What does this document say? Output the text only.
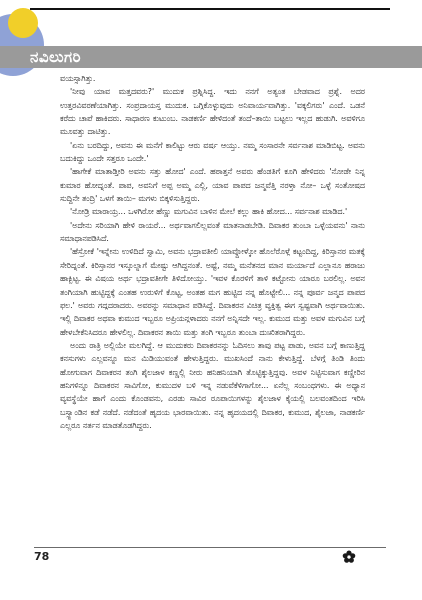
ನವಿಲುಗರಿ

ವಯಸ್ಸಾಗಿತ್ತು.

'ನೀವು ಯಾವ ಮತ್ತದವರು?' ಮುದುಕ ಪ್ರಶ್ನಿಸಿದ್ದ. ಇದು ನನಗೆ ಅತ್ಯಂತ ಬೇಡವಾದ ಪ್ರಶ್ನೆ. ಅದರ ಉತ್ತರವಿವರಣೆಯಾಗಿತ್ತು. ಸಂಪ್ರದಾಯಸ್ತ ಮುದುಕ. ಒಗ್ಗಿಕೊಳ್ಳುವುದು ಅನಿವಾರ್ಯವಾಗಿತ್ತು. 'ವಕ್ಕಲಿಗರು' ಎಂದೆ. ಒಡನೆ ಕರೆದು ಚಾಪೆ ಹಾಕಿದರು. ಸಾಧಾರಣ ಕುಟುಂಬ. ನಾಡಕರ್ಣಿ ಹೇಳಿದಂತೆ ತಂದೆ–ತಾಯಿ ಬಟ್ಟಲು ಇಲ್ಲದ ಹುಡುಗಿ. ಅವಳಿಗೂ ಮೂವತ್ತು ದಾಟಿತ್ತು.

'ಏನು ಬರದಿದ್ದು, ಅವನು ಈ ಮನೆಗೆ ಕಾಲಿಟ್ಟು ಆರು ವರ್ಷ ಆಯ್ತು. ನಮ್ಮ ಸಂಸಾರನೇ ಸರ್ವನಾಶ ಮಾಡಿಬಿಟ್ಟ. ಅವನು ಬದುಕಿದ್ದು ಒಂದೇ ಸತ್ತರೂ ಒಂದೇ.'

'ಹಾಗೇಕೆ ಮಾತಾಡ್ತೀರಿ ಅವನು ಸತ್ತು ಹೋದ' ಎಂದೆ. ಹಠಾತ್ತನೆ ಅವರು ಹೆಂಡತಿಗೆ ಕೂಗಿ ಹೇಳಿದರು 'ನೋಡೇ ನಿನ್ನ ಕುಮಾರ ಹೋದ್ನಂತೆ. ಪಾಪ, ಅವನಿಗೆ ಅಪ್ಪ ಅಮ್ಮ ಎಲ್ಲಿ, ಯಾವ ಪಾಪದ ಜನ್ಮವೆತ್ತಿ ನರಳ್ತಾ ನೋ– ಒಳ್ಳೆ ಸಂತೋಷದ ಸುದ್ದಿನೇ ತಂದ್ರಿ' ಒಳಗೆ ತಾಯಿ– ಮಗಳು ಬಿಕ್ಕಳಿಸುತ್ತಿದ್ದರು.

'ನೋಡ್ರಿ ಮಾರಾಯ್ರ... ಒಳಗಿರೋ ಹೆಣ್ಣು ಮಗುವಿನ ಬಾಳಿನ ಮೇಲೆ ಕಲ್ಲು ಹಾಕಿ ಹೋದ... ಸರ್ವನಾಶ ಮಾಡಿದ.'

'ಅದೇನು ಸರಿಯಾಗಿ ಹೇಳಿ ರಾಯರೆ... ಅರ್ಥವಾಗಲಿಲ್ಲವಂತೆ ಮಾತನಾಡಬೇಡಿ. ದಿವಾಕರ ತುಂಬಾ ಒಳ್ಳೆಯವನು' ನಾನು ಸಮಾಧಾನಪಡಿಸಿದೆ.

'ಹೆಸ್ರೋಕೆ 'ಇನ್ನೇನು ಉಳಿದಿದೆ ಸ್ವಾಮಿ, ಅವನು ಭದ್ರಾವತೀಲಿ ಯಾವ್ದೋಳ್ಕೋ ಹೊಲೆರೊಳ್ಗೆ ಕಟ್ಟಂದಿದ್ದ, ಕಿರಿಸ್ತಾನರ ಮತಕ್ಕೆ ಸೇರಿದ್ನಂತೆ. ಕಿರಿಸ್ತಾನರ ಇಸ್ಕೂಲ್ನಾಗೆ ಮೇಷ್ಟು ಆಗಿದ್ದನಂತೆ. ಅಷ್ಟೆ, ನಮ್ಮ ಮನೆತನದ ಮಾನ ಮರ್ಯಾದೆ ಎಲ್ಲಾನೂ ಹರಾಜು ಹಾಕ್ಬಿಟ್ಟ. ಈ ವಿಷಯ ಅರ್ಥ ಭದ್ರಾವತೀಗೇ ತಿಳಿದೋಯ್ತು. 'ಇವಳ ಕೊರಳಿಗೆ ತಾಳಿ ಕಟ್ಟೋನು ಯಾರೂ ಬರಲಿಲ್ಲ. ಅವನ ತಂಗಿಯಾಗಿ ಹುಟ್ಟಿದ್ದಕ್ಕೆ ಎಂತಹ ಉರುಳಿಗೆ ಕೊಟ್ಟ, ಅಂತಹ ಮಗ ಹುಟ್ಟಿದ ನನ್ನ ಹೊಟ್ಟೇಲಿ... ನನ್ನ ಪೂರ್ವ ಜನ್ಮದ ಪಾಪದ ಫಲ.' ಅವರು ಗದ್ಗದರಾದರು. ಅವರನ್ನು ಸಮಾಧಾನ ಪಡಿಸಿದ್ದೆ. ದಿವಾಕರನ ವಿಚಿತ್ರ ವ್ಯಕ್ತಿತ್ವ ಈಗ ಸ್ವಷ್ಟವಾಗಿ ಅರ್ಥವಾಯಿತು. ಇಲ್ಲಿ ದಿವಾಕರ ಅಥವಾ ಕುಮುದ ಇಬ್ಬರೂ ಅಪ್ರಿಯನ್ಗಳಾದರು ನನಗೆ ಅನ್ನಿಸದೇ ಇಲ್ಲ. ಕುಮುದ ಮತ್ತು ಅವಳ ಮಗುವಿನ ಬಗ್ಗೆ ಹೇಳಬೇಕೆನಿಸಿದರೂ ಹೇಳಲಿಲ್ಲ. ದಿವಾಕರನ ತಾಯಿ ಮತ್ತು ತಂಗಿ ಇಬ್ಬರೂ ತುಂಬಾ ದುಃಖಿತರಾಗಿದ್ದರು.

ಅಂದು ರಾತ್ರಿ ಅಲ್ಲಿಯೇ ಮಲಗಿದ್ದೆ. ಆ ಮುದುಕರು ದಿವಾಕರನನ್ನು ಓದಿಸಲು ತಾವು ಪಟ್ಟ ಪಾಡು, ಅವನ ಬಗ್ಗೆ ಕಾಣುತ್ತಿದ್ದ ಕನಸುಗಳು ಎಲ್ಲವನ್ನೂ ಮನ ಮಿಡಿಯುವಂತೆ ಹೇಳುತ್ತಿದ್ದರು. ಮುಖಸಿಂದೆ ನಾನು ಕೇಳುತ್ತಿದ್ದೆ. ಬೆಳಗ್ಗೆ ತಿಂಡಿ ತಿಂದು ಹೋಗುವಾಗ ದಿವಾಕರನ ತಂಗಿ ಶೈಲಜಾಳ ಕಣ್ಣಲ್ಲಿ ನೀರು ಹನಿಹನಿಯಾಗಿ ತೊಟ್ಟಿಕ್ಕುತ್ತಿದ್ದವು. ಅವಳ ನಿಟ್ಟಿಸುವಾಗ ಕಣ್ಣೀರಿನ ಹನಿಗಳಿನ್ನೂ ದಿವಾಕರನ ಸಾವಿಗೋ, ಕುಮುದಳ ಬಳಿ ಇನ್ನ ನಡುವೆಕೆಳಿಗಾಗೋ... ಏನೆಲ್ಲ ಸಂಬಂಧಗಳು. ಈ ಅಧ್ಯಾನ ವ್ಯವಸ್ಥೆಯೇ ಹಾಗೆ ಎಂದು ಕೊಂಡವನು, ಎರಡು ಸಾವಿರ ರೂಪಾಯಿಗಳನ್ನು ಶೈಲಜಾಳ ಕೈಯಲ್ಲಿ ಬಲವಂತದಿಂದ ಇರಿಸಿ ಬಸ್ಸ್ಟಾಂಡಿನ ಕಡೆ ನಡೆದೆ. ನಡೆದಂತೆ ಹೃದಯ ಭಾರವಾಯಿತು. ನನ್ನ ಹೃದಯದಲ್ಲಿ ದಿವಾಕರ, ಕುಮುದ, ಶೈಲಜಾ, ನಾಡಕರ್ಣಿ ಎಲ್ಲರೂ ನರ್ತನ ಮಾಡತೊಡಗಿದ್ದರು.

78
